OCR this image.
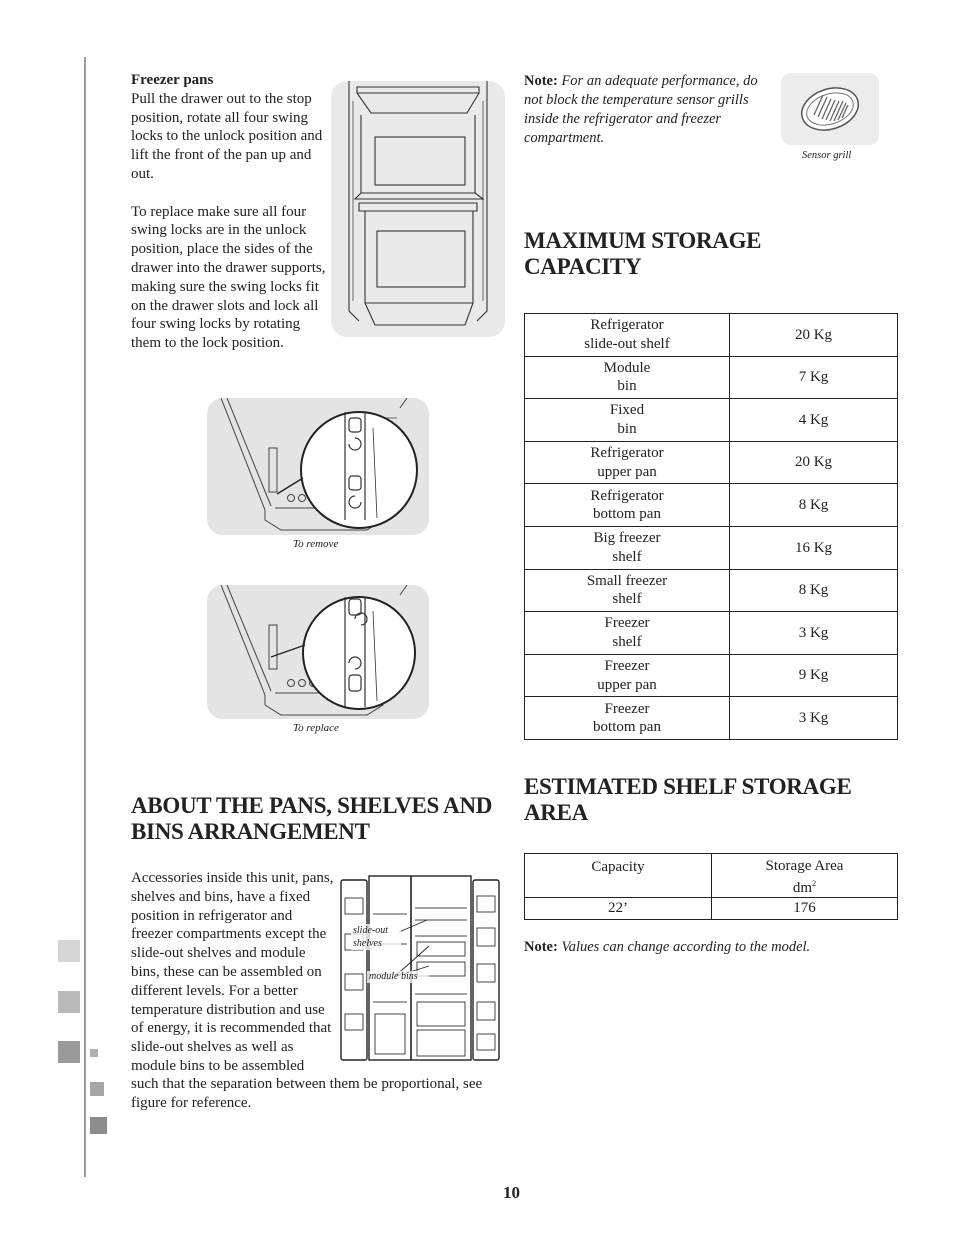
Freezer pans
Pull the drawer out to the stop position, rotate all four swing locks to the unlock position and lift the front of the pan up and out.
To replace make sure all four swing locks are in the unlock position, place the sides of the drawer into the drawer supports, making sure the swing locks fit on the drawer slots and lock all four swing locks by rotating them to the lock position.
To remove
To replace
Note: For an adequate performance, do not block the temperature sensor grills inside the refrigerator and freezer compartment.
Sensor grill
MAXIMUM STORAGE
CAPACITY
Refrigerator
slide-out shelf	20 Kg

Module
bin	7 Kg

Fixed
bin	4 Kg

Refrigerator
upper pan	20 Kg

Refrigerator
bottom pan	8 Kg

Big freezer
shelf	16 Kg

Small freezer
shelf	8 Kg

Freezer
shelf	3 Kg

Freezer
upper pan	9 Kg

Freezer
bottom pan	3 Kg
ABOUT THE PANS, SHELVES AND
BINS ARRANGEMENT
Accessories inside this unit, pans, shelves and bins, have a fixed position in refrigerator and freezer compartments except the slide-out shelves and module bins, these can be assembled on different levels. For a better temperature distribution and use of energy, it is recommended that slide-out shelves as well as module bins to be assembled
such that the separation between them be proportional, see figure for reference.
slide-out
shelves
module bins
ESTIMATED SHELF STORAGE
AREA
Capacity	Storage Area
$dm^2$

22’	176
Note: Values can change according to the model.
10
